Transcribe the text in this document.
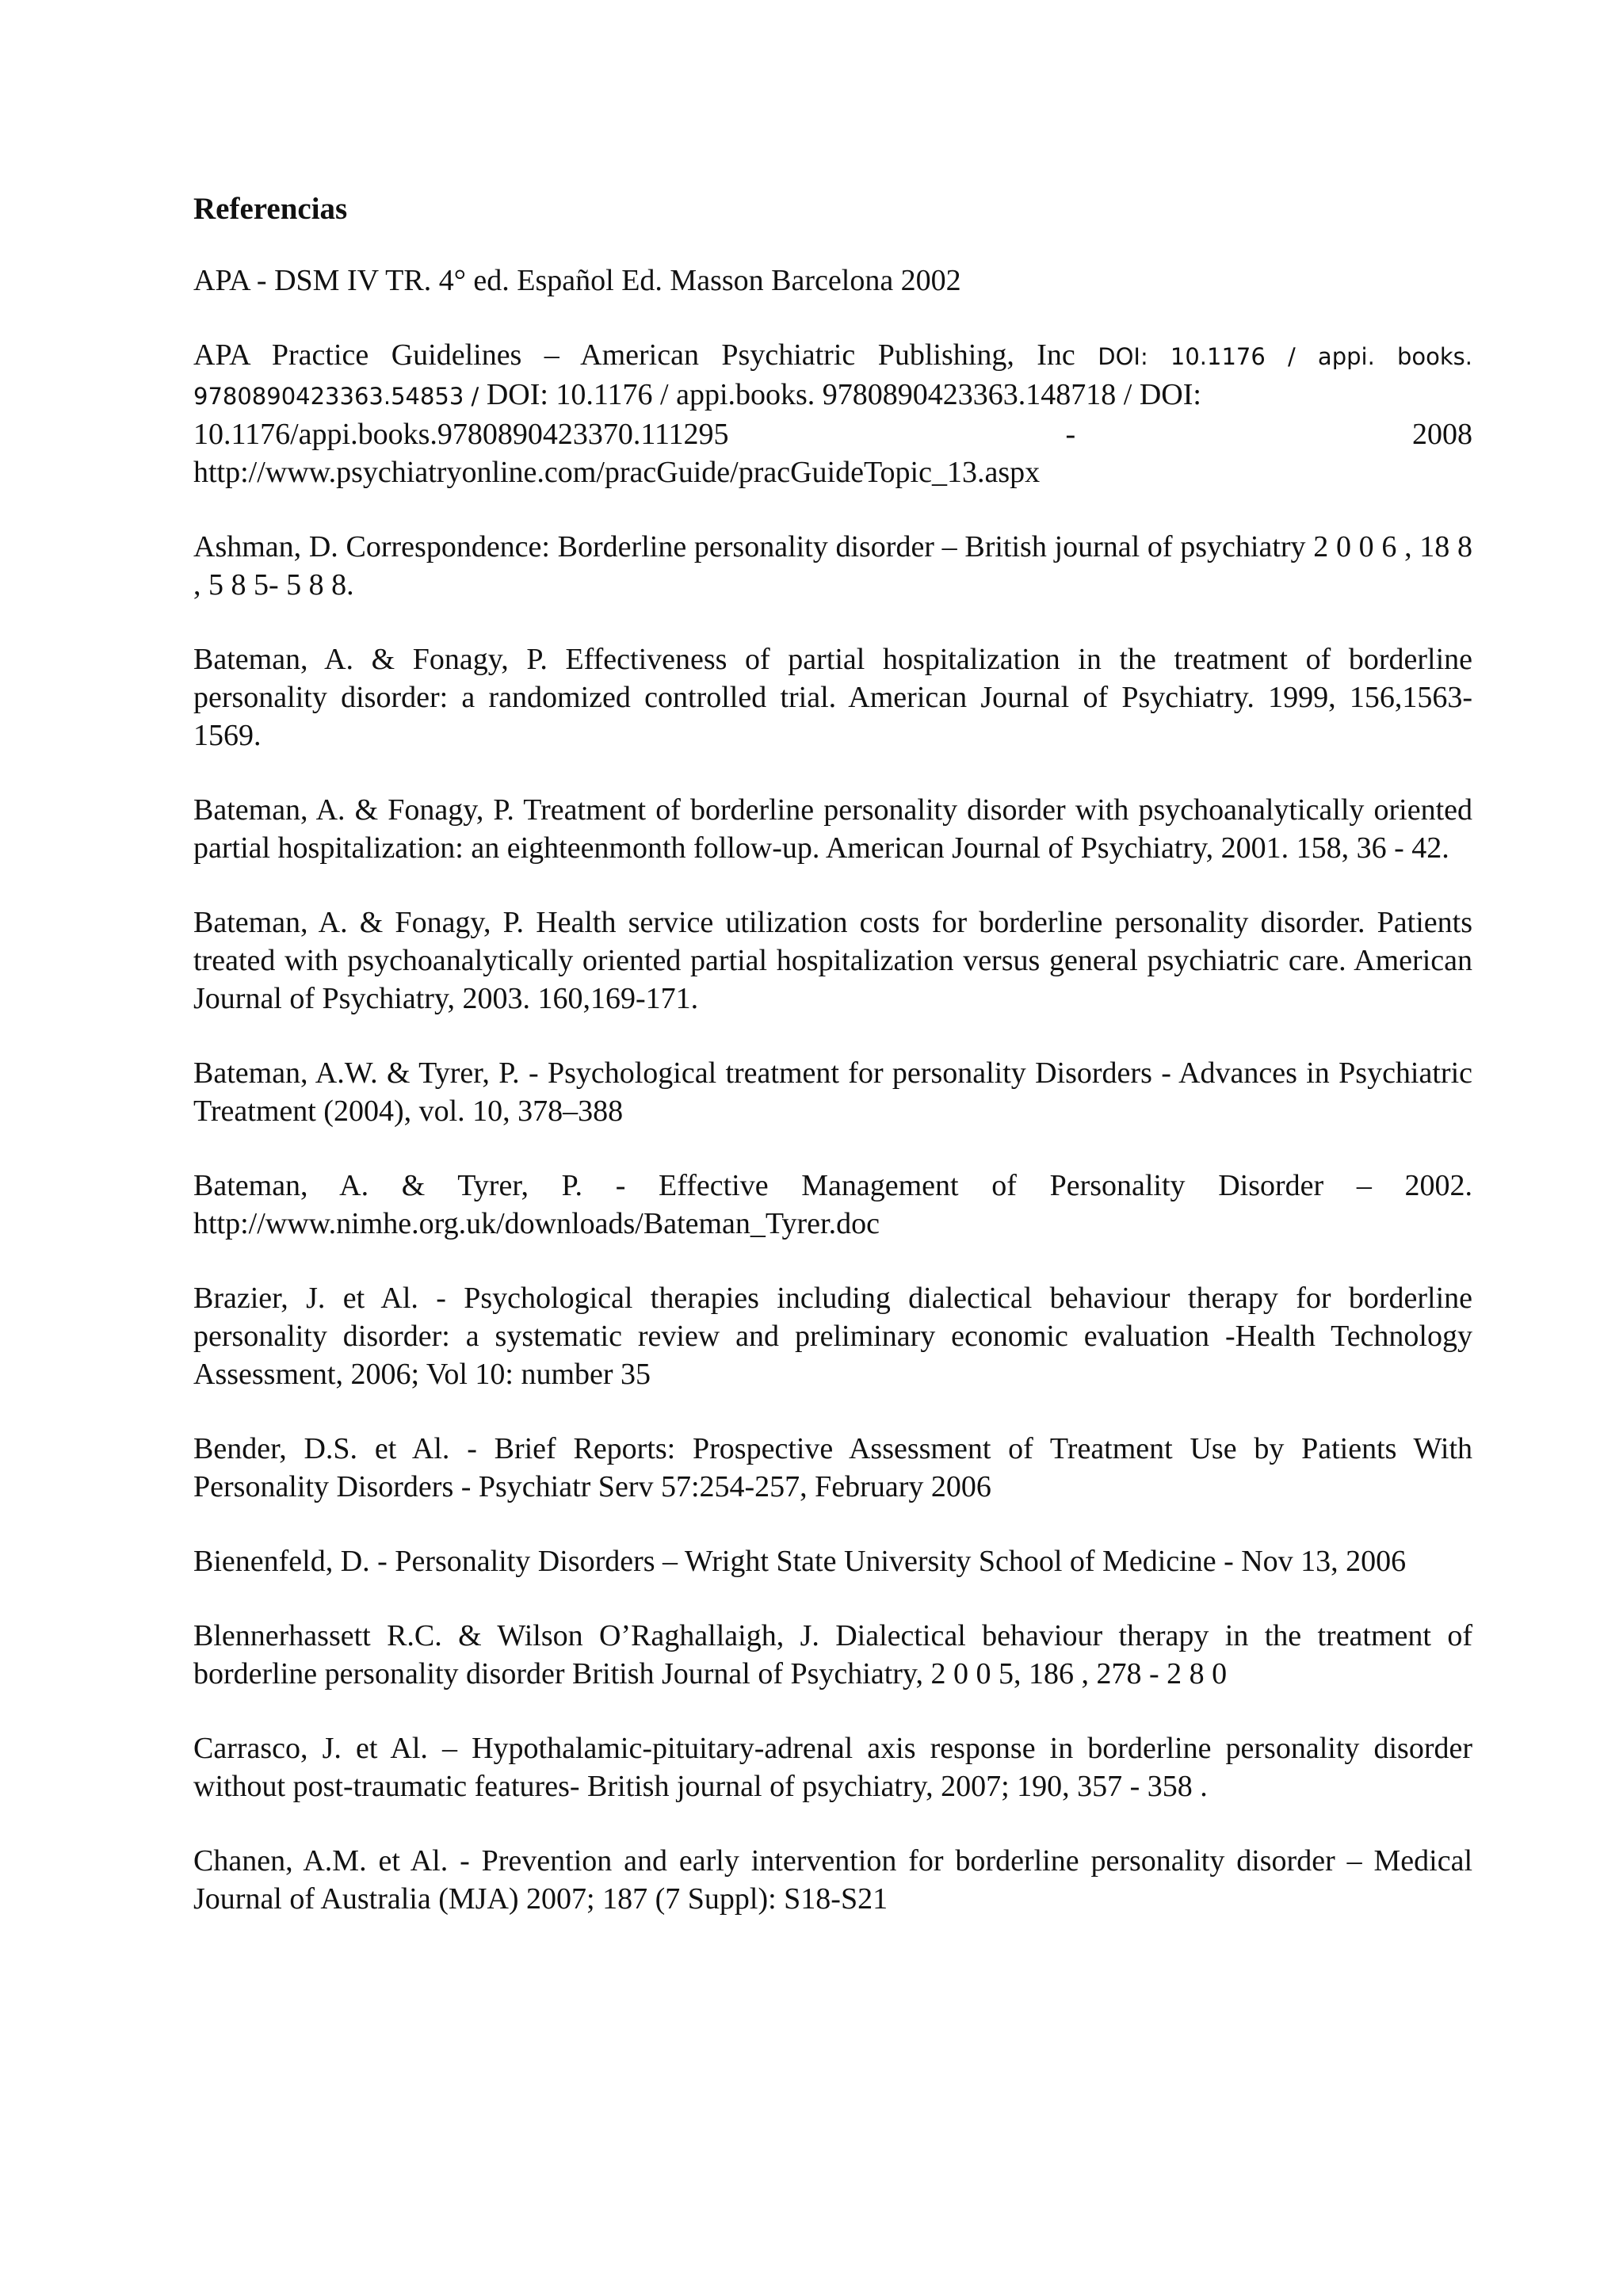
Referencias
APA - DSM IV TR. 4° ed. Español Ed. Masson Barcelona 2002
APA Practice Guidelines – American Psychiatric Publishing, Inc DOI: 10.1176 / appi. books. 9780890423363.54853 / DOI: 10.1176 / appi.books. 9780890423363.148718 / DOI:
10.1176/appi.books.9780890423370.111295	-	2008
http://www.psychiatryonline.com/pracGuide/pracGuideTopic_13.aspx
Ashman, D. Correspondence: Borderline personality disorder – British journal of psychiatry 2 0 0 6 , 18 8 , 5 8 5- 5 8 8.
Bateman, A. & Fonagy, P. Effectiveness of partial hospitalization in the treatment of borderline personality disorder: a randomized controlled trial. American Journal of Psychiatry. 1999, 156,1563-1569.
Bateman, A. & Fonagy, P. Treatment of borderline personality disorder with psychoanalytically oriented partial hospitalization: an eighteenmonth follow-up. American Journal of Psychiatry, 2001. 158, 36 - 42.
Bateman, A. & Fonagy, P. Health service utilization costs for borderline personality disorder. Patients treated with psychoanalytically oriented partial hospitalization versus general psychiatric care. American Journal of Psychiatry, 2003. 160,169-171.
Bateman, A.W. & Tyrer, P. - Psychological treatment for personality Disorders - Advances in Psychiatric Treatment (2004), vol. 10, 378–388
Bateman, A. & Tyrer, P. - Effective Management of Personality Disorder – 2002. http://www.nimhe.org.uk/downloads/Bateman_Tyrer.doc
Brazier, J. et Al. - Psychological therapies including dialectical behaviour therapy for borderline personality disorder: a systematic review and preliminary economic evaluation -Health Technology Assessment, 2006; Vol 10: number 35
Bender, D.S. et Al. - Brief Reports: Prospective Assessment of Treatment Use by Patients With Personality Disorders - Psychiatr Serv 57:254-257, February 2006
Bienenfeld, D. - Personality Disorders – Wright State University School of Medicine - Nov 13, 2006
Blennerhassett R.C. & Wilson O’Raghallaigh, J. Dialectical behaviour therapy in the treatment of borderline personality disorder British Journal of Psychiatry, 2 0 0 5, 186 , 278 - 2 8 0
Carrasco, J. et Al. – Hypothalamic-pituitary-adrenal axis response in borderline personality disorder without post-traumatic features- British journal of psychiatry, 2007; 190, 357 - 358 .
Chanen, A.M. et Al. - Prevention and early intervention for borderline personality disorder – Medical Journal of Australia (MJA) 2007; 187 (7 Suppl): S18-S21
